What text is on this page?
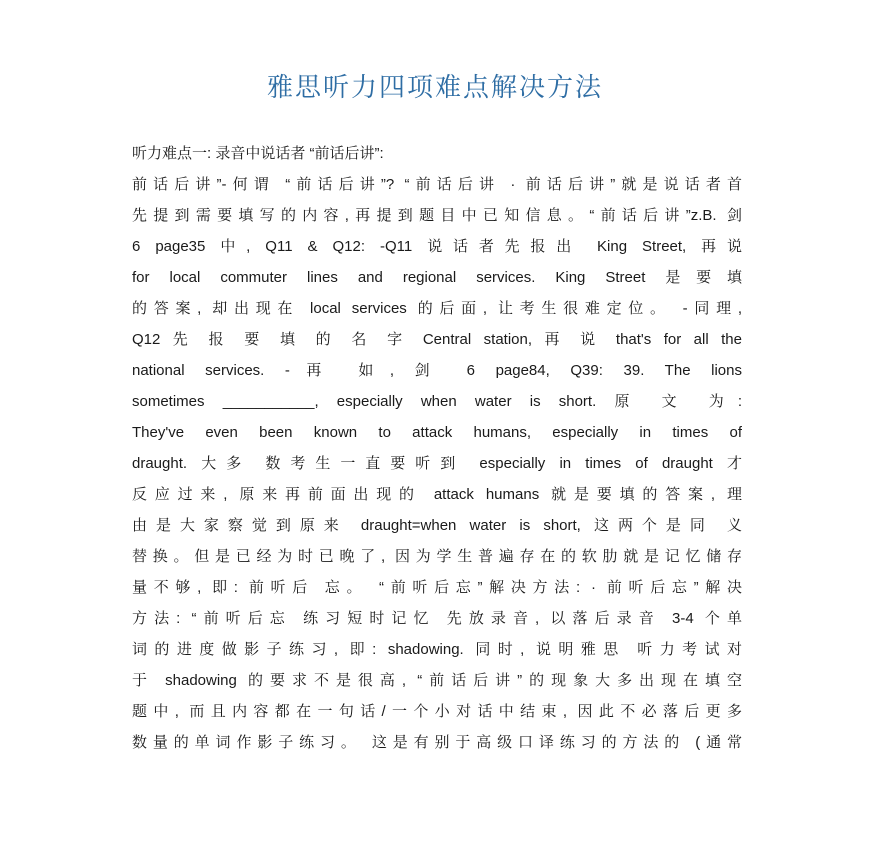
雅思听力四项难点解决方法
听力难点一: 录音中说话者 “前话后讲”:
前话后讲”-何谓 “前话后讲”? “前话后讲 · 前话后讲”就是说话者首
先提到需要填写的内容,再提到题目中已知信息。“前话后讲”z.B. 剑
6 page35 中, Q11 & Q12: -Q11 说话者先报出 King Street, 再说
for local commuter lines and regional services. King Street 是要填
的答案, 却出现在 local services 的后面, 让考生很难定位。 -同理,
Q12 先 报 要 填 的 名 字 Central station, 再 说 that's for all the
national services. -再 如, 剑 6 page84, Q39: 39. The lions
sometimes ___________, especially when water is short. 原 文 为:
They've even been known to attack humans, especially in times of
draught. 大多 数考生一直要听到 especially in times of draught 才
反应过来, 原来再前面出现的 attack humans 就是要填的答案, 理
由是大家察觉到原来 draught=when water is short, 这两个是同 义
替换。但是已经为时已晚了, 因为学生普遍存在的软肋就是记忆储存
量不够, 即: 前听后 忘。 “前听后忘”解决方法: · 前听后忘”解决
方法: “前听后忘 练习短时记忆 先放录音, 以落后录音 3-4 个单
词的进度做影子练习, 即: shadowing. 同时, 说明雅思 听力考试对
于 shadowing 的要求不是很高, “前话后讲”的现象大多出现在填空
题中, 而且内容都在一句话/一个小对话中结束, 因此不必落后更多
数量的单词作影子练习。 这是有别于高级口译练习的方法的 (通常
